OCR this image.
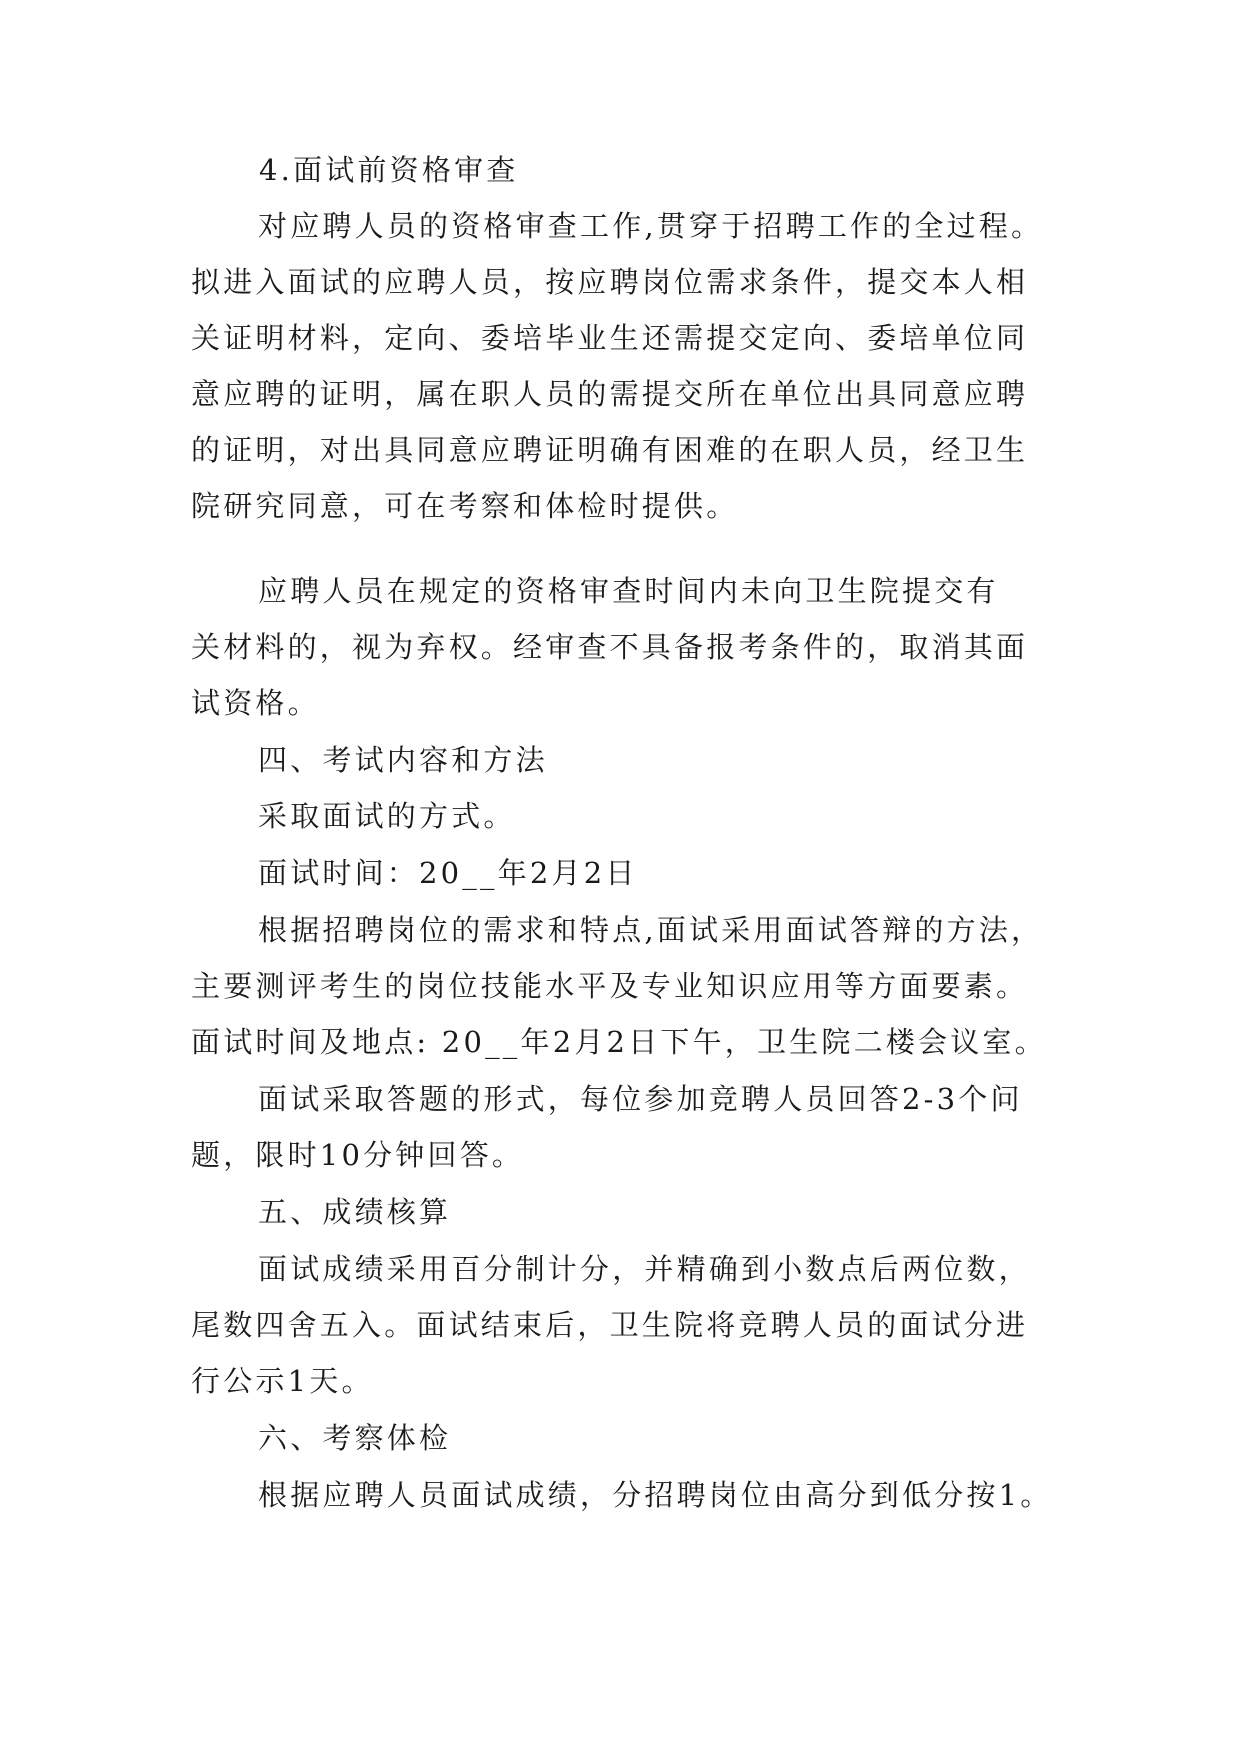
4.面试前资格审查
对应聘人员的资格审查工作,贯穿于招聘工作的全过程。
拟进入面试的应聘人员，按应聘岗位需求条件，提交本人相
关证明材料，定向、委培毕业生还需提交定向、委培单位同
意应聘的证明，属在职人员的需提交所在单位出具同意应聘
的证明，对出具同意应聘证明确有困难的在职人员，经卫生
院研究同意，可在考察和体检时提供。
应聘人员在规定的资格审查时间内未向卫生院提交有
关材料的，视为弃权。经审查不具备报考条件的，取消其面
试资格。
四、考试内容和方法
采取面试的方式。
面试时间：20__年2月2日
根据招聘岗位的需求和特点,面试采用面试答辩的方法，
主要测评考生的岗位技能水平及专业知识应用等方面要素。
面试时间及地点: 20__年2月2日下午，卫生院二楼会议室。
面试采取答题的形式，每位参加竞聘人员回答2-3个问
题，限时10分钟回答。
五、成绩核算
面试成绩采用百分制计分，并精确到小数点后两位数，
尾数四舍五入。面试结束后，卫生院将竞聘人员的面试分进
行公示1天。
六、考察体检
根据应聘人员面试成绩，分招聘岗位由高分到低分按1。
